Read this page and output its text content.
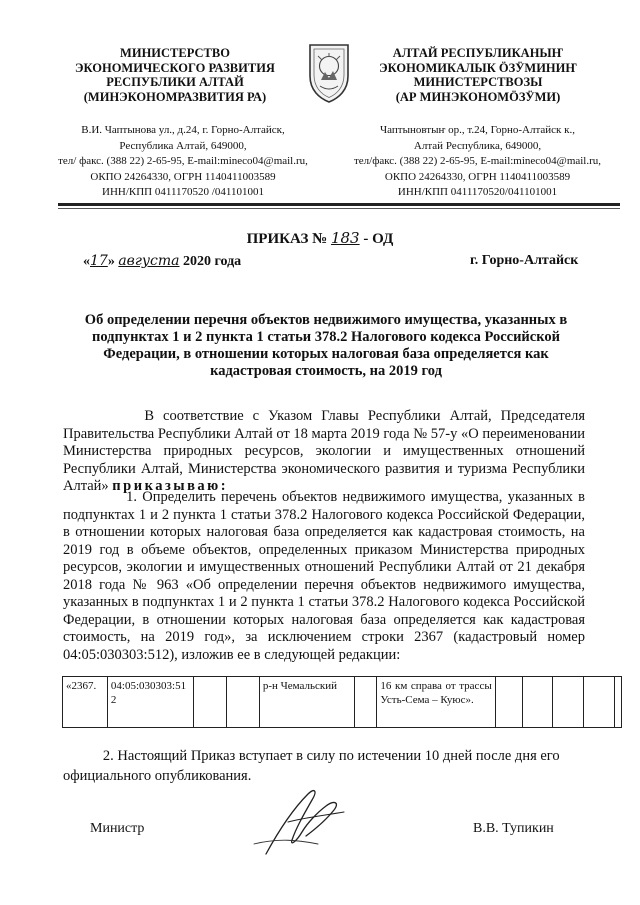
МИНИСТЕРСТВО
ЭКОНОМИЧЕСКОГО РАЗВИТИЯ
РЕСПУБЛИКИ АЛТАЙ
(МИНЭКОНОМРАЗВИТИЯ РА)
АЛТАЙ РЕСПУБЛИКАНЫҤ
ЭКОНОМИКАЛЫК ÖЗӰМИНИҤ
МИНИСТЕРСТВОЗЫ
(АР МИНЭКОНОМÖЗӰМИ)
В.И. Чаптынова ул., д.24, г. Горно-Алтайск,
Республика Алтай, 649000,
тел/ факс. (388 22) 2-65-95, E-mail:mineco04@mail.ru,
ОКПО 24264330, ОГРН 1140411003589
ИНН/КПП 0411170520 /041101001
Чаптыновтыҥ ор., т.24, Горно-Алтайск к.,
Алтай Республика, 649000,
тел/факс. (388 22) 2-65-95, E-mail:mineco04@mail.ru,
ОКПО 24264330, ОГРН 1140411003589
ИНН/КПП 0411170520/041101001
ПРИКАЗ № 183 - ОД
«17» августа 2020 года	г. Горно-Алтайск
Об определении перечня объектов недвижимого имущества, указанных в подпунктах 1 и 2 пункта 1 статьи 378.2 Налогового кодекса Российской Федерации, в отношении которых налоговая база определяется как кадастровая стоимость, на 2019 год
В соответствие с Указом Главы Республики Алтай, Председателя Правительства Республики Алтай от 18 марта 2019 года № 57-у «О переименовании Министерства природных ресурсов, экологии и имущественных отношений Республики Алтай, Министерства экономического развития и туризма Республики Алтай» приказываю:
1. Определить перечень объектов недвижимого имущества, указанных в подпунктах 1 и 2 пункта 1 статьи 378.2 Налогового кодекса Российской Федерации, в отношении которых налоговая база определяется как кадастровая стоимость, на 2019 год в объеме объектов, определенных приказом Министерства природных ресурсов, экологии и имущественных отношений Республики Алтай от 21 декабря 2018 года № 963 «Об определении перечня объектов недвижимого имущества, указанных в подпунктах 1 и 2 пункта 1 статьи 378.2 Налогового кодекса Российской Федерации, в отношении которых налоговая база определяется как кадастровая стоимость, на 2019 год», за исключением строки 2367 (кадастровый номер 04:05:030303:512), изложив ее в следующей редакции:
«2367.	04:05:030303:512			р-н Чемальский		16 км справа от трассы Усть-Сема – Куюс».					
2. Настоящий Приказ вступает в силу по истечении 10 дней после дня его официального опубликования.
Министр	В.В. Тупикин
